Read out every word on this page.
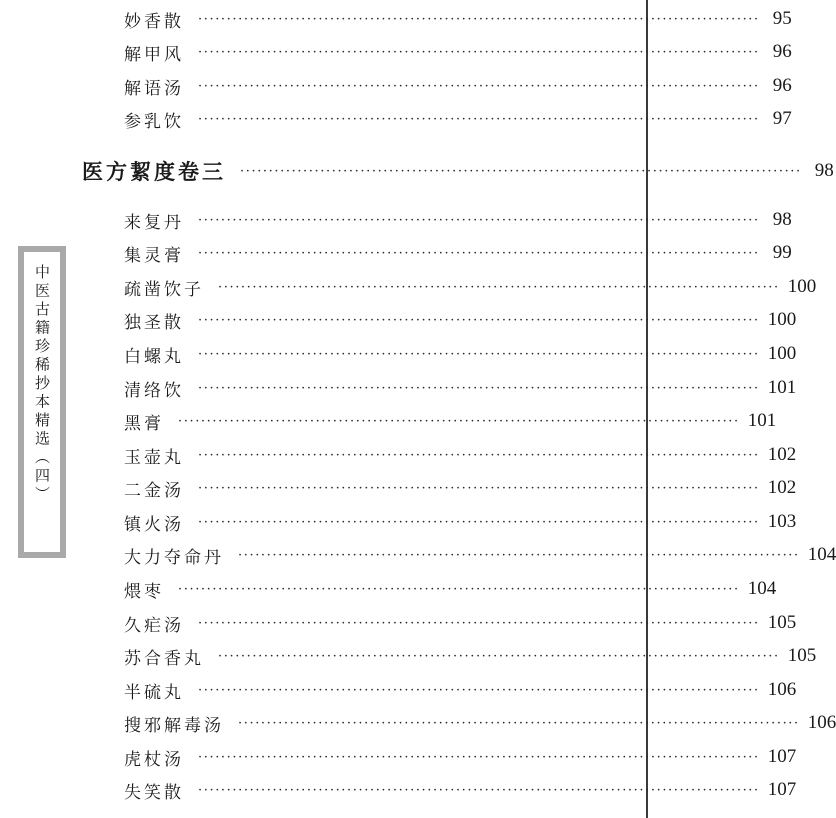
中医古籍珍稀抄本精选（四）
妙香散 ·································································································· 95
解甲风 ·································································································· 96
解语汤 ·································································································· 96
参乳饮 ·································································································· 97
医方絜度卷三 ·································································································· 98
来复丹 ·································································································· 98
集灵膏 ·································································································· 99
疏凿饮子 ·································································································· 100
独圣散 ·································································································· 100
白螺丸 ·································································································· 100
清络饮 ·································································································· 101
黑膏 ·································································································· 101
玉壶丸 ·································································································· 102
二金汤 ·································································································· 102
镇火汤 ·································································································· 103
大力夺命丹 ·································································································· 104
煨枣 ·································································································· 104
久疟汤 ·································································································· 105
苏合香丸 ·································································································· 105
半硫丸 ·································································································· 106
搜邪解毒汤 ·································································································· 106
虎杖汤 ·································································································· 107
失笑散 ·································································································· 107
